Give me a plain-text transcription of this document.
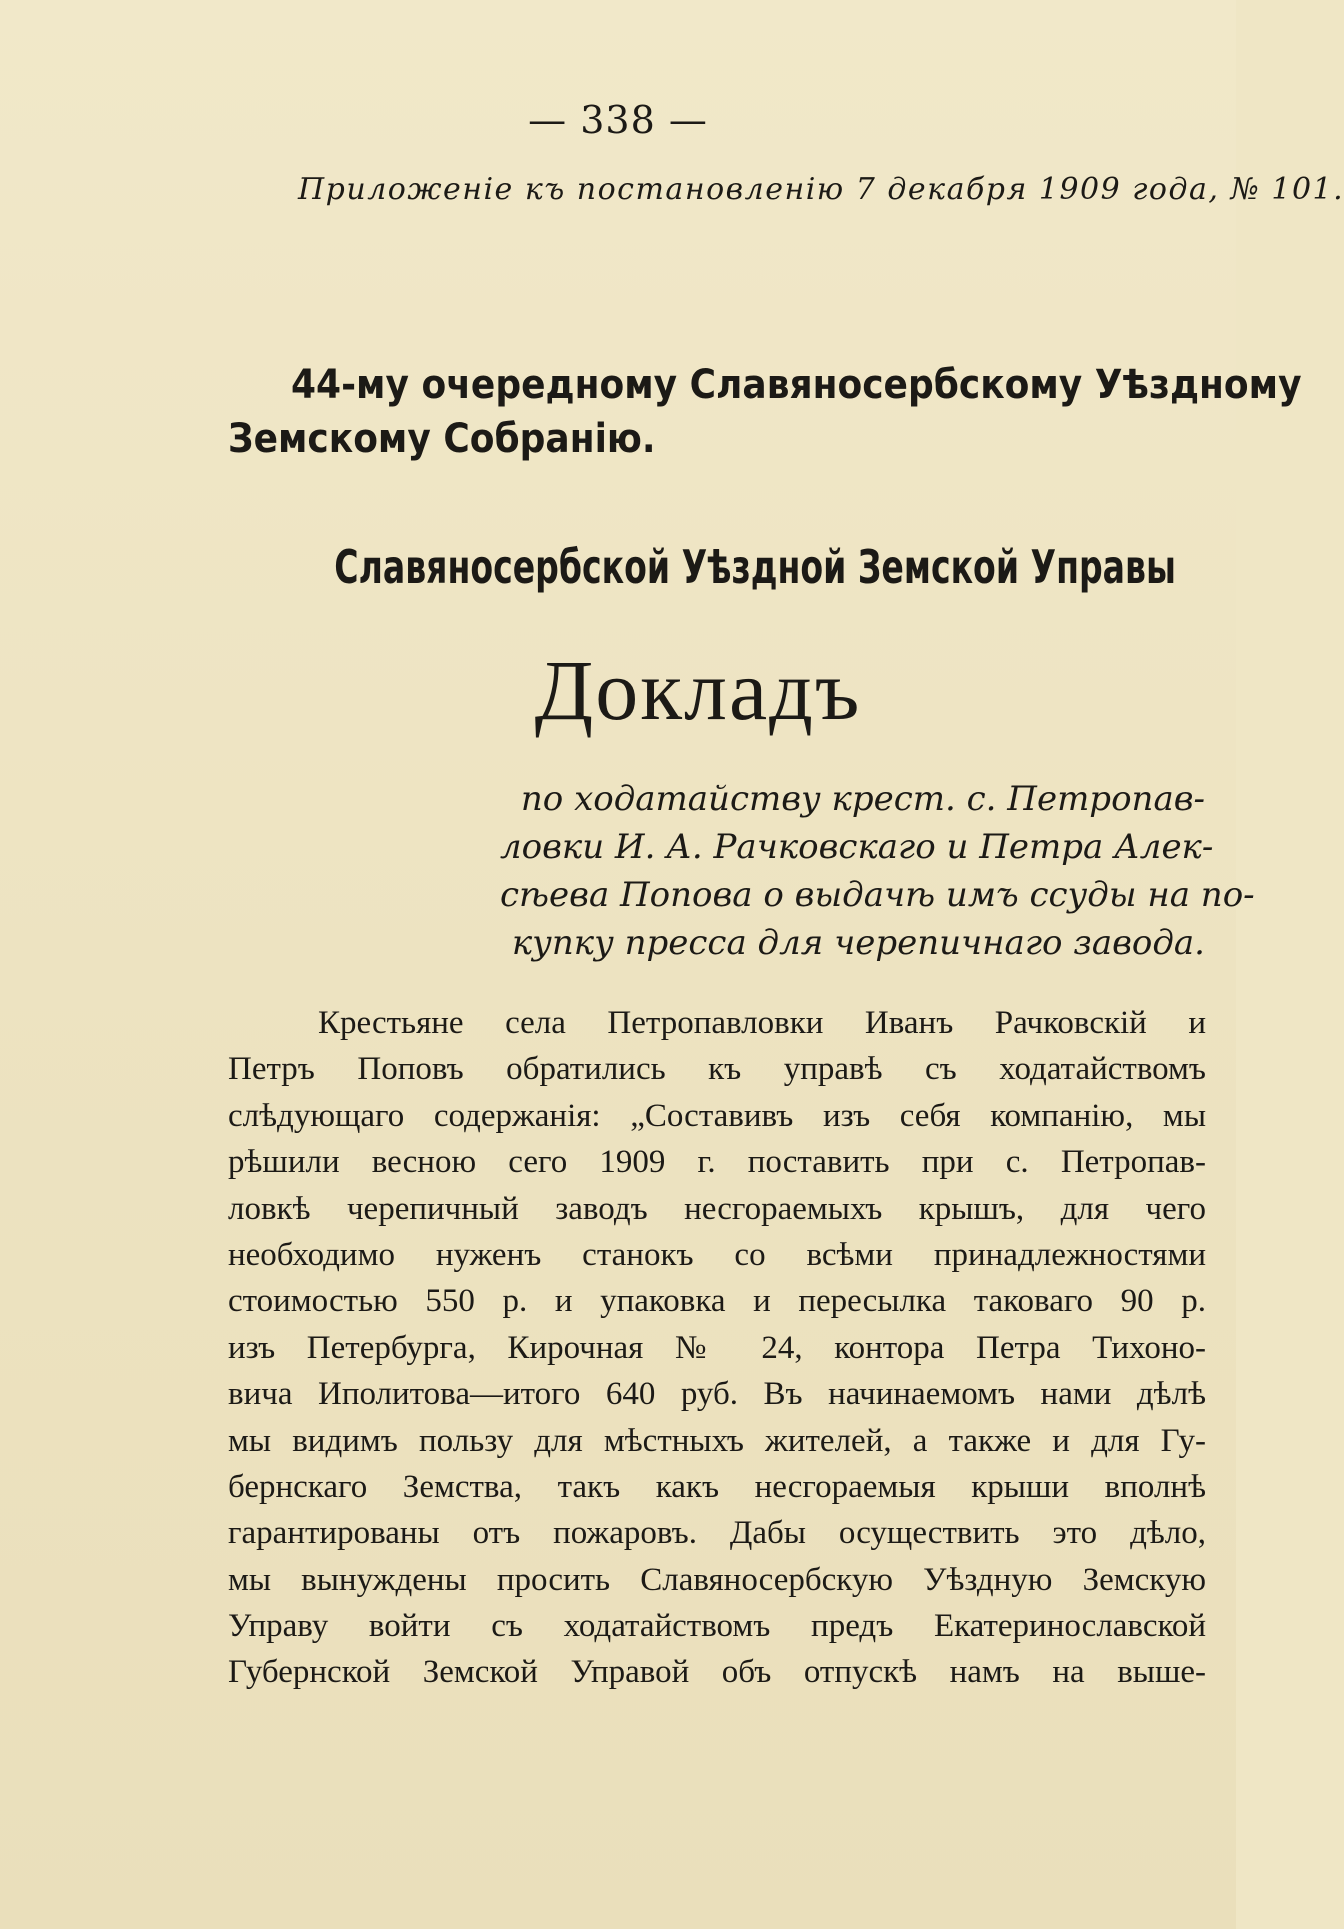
— 338 —
Приложеніе къ постановленію 7 декабря 1909 года, № 101.
44-му очередному Славяносербскому Уѣздному
Земскому Собранію.
Славяносербской Уѣздной Земской Управы
Докладъ
по ходатайству крест. с. Петропав-
ловки И. А. Рачковскаго и Петра Алек-
сѣева Попова о выдачѣ имъ ссуды на по-
купку пресса для черепичнаго завода.
Крестьяне села Петропавловки Иванъ Рачковскій и
Петръ Поповъ обратились къ управѣ съ ходатайствомъ
слѣдующаго содержанія: „Составивъ изъ себя компанію, мы
рѣшили весною сего 1909 г. поставить при с. Петропав-
ловкѣ черепичный заводъ несгораемыхъ крышъ, для чего
необходимо нуженъ станокъ со всѣми принадлежностями
стоимостью 550 р. и упаковка и пересылка таковаго 90 р.
изъ Петербурга, Кирочная № 24, контора Петра Тихоно-
вича Иполитова—итого 640 руб. Въ начинаемомъ нами дѣлѣ
мы видимъ пользу для мѣстныхъ жителей, а также и для Гу-
бернскаго Земства, такъ какъ несгораемыя крыши вполнѣ
гарантированы отъ пожаровъ. Дабы осуществить это дѣло,
мы вынуждены просить Славяносербскую Уѣздную Земскую
Управу войти съ ходатайствомъ предъ Екатеринославской
Губернской Земской Управой объ отпускѣ намъ на выше-
